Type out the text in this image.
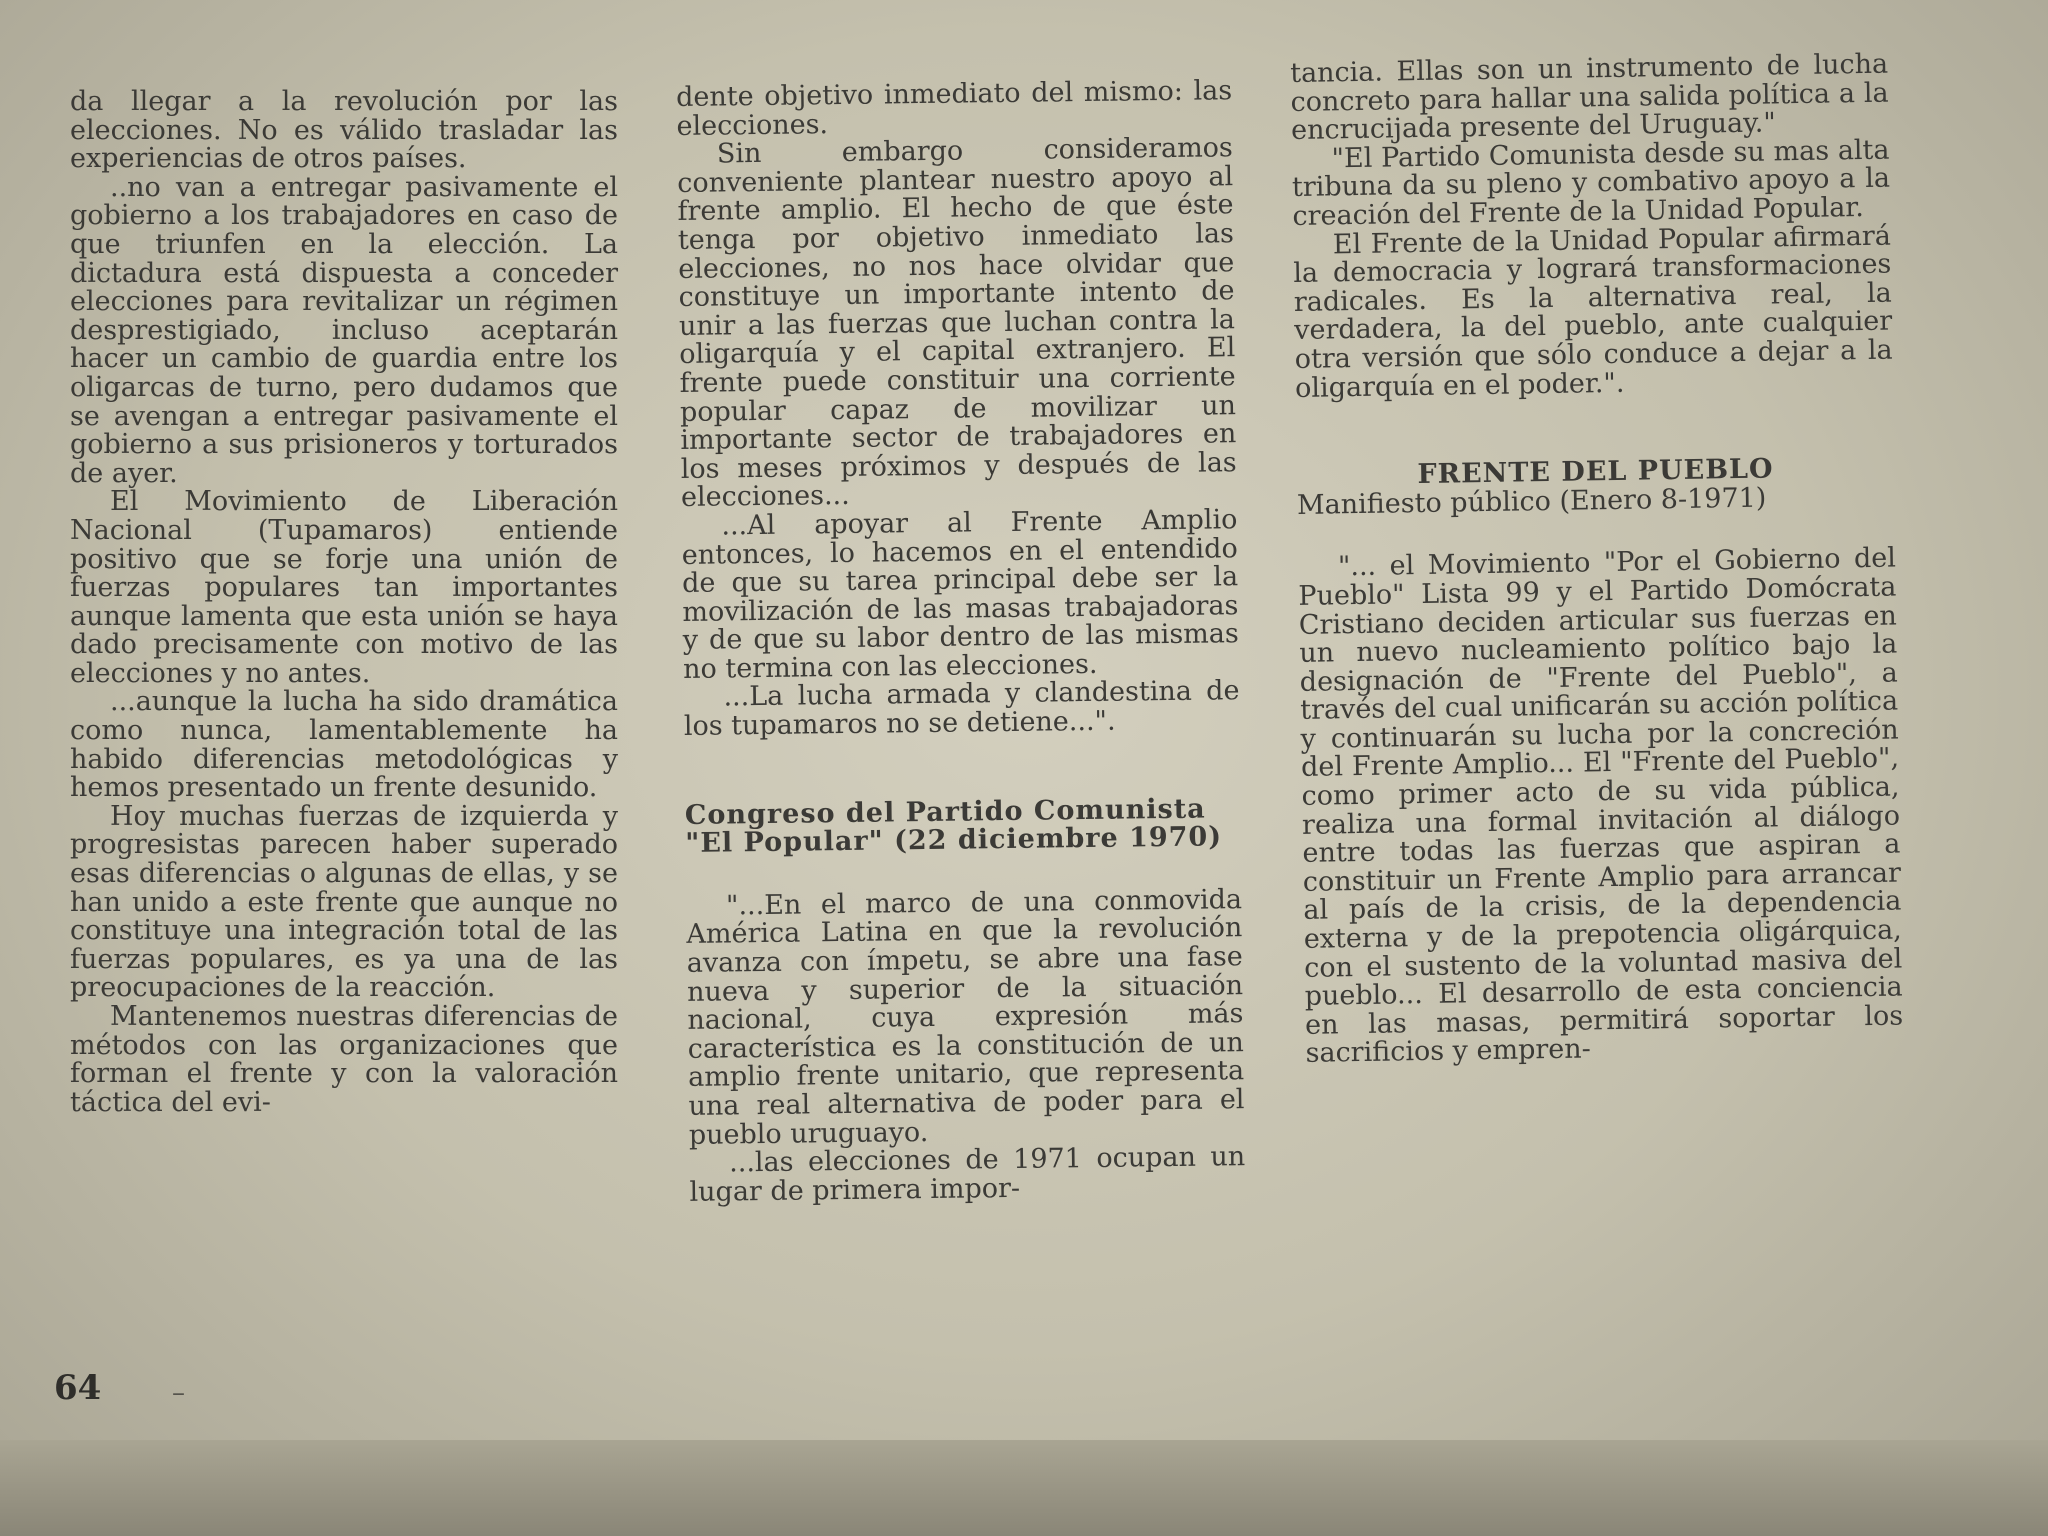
da llegar a la revolución por las elecciones. No es válido trasladar las experiencias de otros países.

..no van a entregar pasivamente el gobierno a los trabajadores en caso de que triunfen en la elección. La dictadura está dispuesta a conceder elecciones para revitalizar un régimen desprestigiado, incluso aceptarán hacer un cambio de guardia entre los oligarcas de turno, pero dudamos que se avengan a entregar pasivamente el gobierno a sus prisioneros y torturados de ayer.

El Movimiento de Liberación Nacional (Tupamaros) entiende positivo que se forje una unión de fuerzas populares tan importantes aunque lamenta que esta unión se haya dado precisamente con motivo de las elecciones y no antes.

...aunque la lucha ha sido dramática como nunca, lamentablemente ha habido diferencias metodológicas y hemos presentado un frente desunido.

Hoy muchas fuerzas de izquierda y progresistas parecen haber superado esas diferencias o algunas de ellas, y se han unido a este frente que aunque no constituye una integración total de las fuerzas populares, es ya una de las preocupaciones de la reacción.

Mantenemos nuestras diferencias de métodos con las organizaciones que forman el frente y con la valoración táctica del evi-

dente objetivo inmediato del mismo: las elecciones.

Sin embargo consideramos conveniente plantear nuestro apoyo al frente amplio. El hecho de que éste tenga por objetivo inmediato las elecciones, no nos hace olvidar que constituye un importante intento de unir a las fuerzas que luchan contra la oligarquía y el capital extranjero. El frente puede constituir una corriente popular capaz de movilizar un importante sector de trabajadores en los meses próximos y después de las elecciones...

...Al apoyar al Frente Amplio entonces, lo hacemos en el entendido de que su tarea principal debe ser la movilización de las masas trabajadoras y de que su labor dentro de las mismas no termina con las elecciones.

...La lucha armada y clandestina de los tupamaros no se detiene...".

Congreso del Partido Comunista

"El Popular" (22 diciembre 1970)

"...En el marco de una conmovida América Latina en que la revolución avanza con ímpetu, se abre una fase nueva y superior de la situación nacional, cuya expresión más característica es la constitución de un amplio frente unitario, que representa una real alternativa de poder para el pueblo uruguayo.

...las elecciones de 1971 ocupan un lugar de primera impor-

tancia. Ellas son un instrumento de lucha concreto para hallar una salida política a la encrucijada presente del Uruguay."

"El Partido Comunista desde su mas alta tribuna da su pleno y combativo apoyo a la creación del Frente de la Unidad Popular.

El Frente de la Unidad Popular afirmará la democracia y logrará transformaciones radicales. Es la alternativa real, la verdadera, la del pueblo, ante cualquier otra versión que sólo conduce a dejar a la oligarquía en el poder.".

FRENTE DEL PUEBLO

Manifiesto público (Enero 8-1971)

"... el Movimiento "Por el Gobierno del Pueblo" Lista 99 y el Partido Domócrata Cristiano deciden articular sus fuerzas en un nuevo nucleamiento político bajo la designación de "Frente del Pueblo", a través del cual unificarán su acción política y continuarán su lucha por la concreción del Frente Amplio... El "Frente del Pueblo", como primer acto de su vida pública, realiza una formal invitación al diálogo entre todas las fuerzas que aspiran a constituir un Frente Amplio para arrancar al país de la crisis, de la dependencia externa y de la prepotencia oligárquica, con el sustento de la voluntad masiva del pueblo... El desarrollo de esta conciencia en las masas, permitirá soportar los sacrificios y empren-

64	–
